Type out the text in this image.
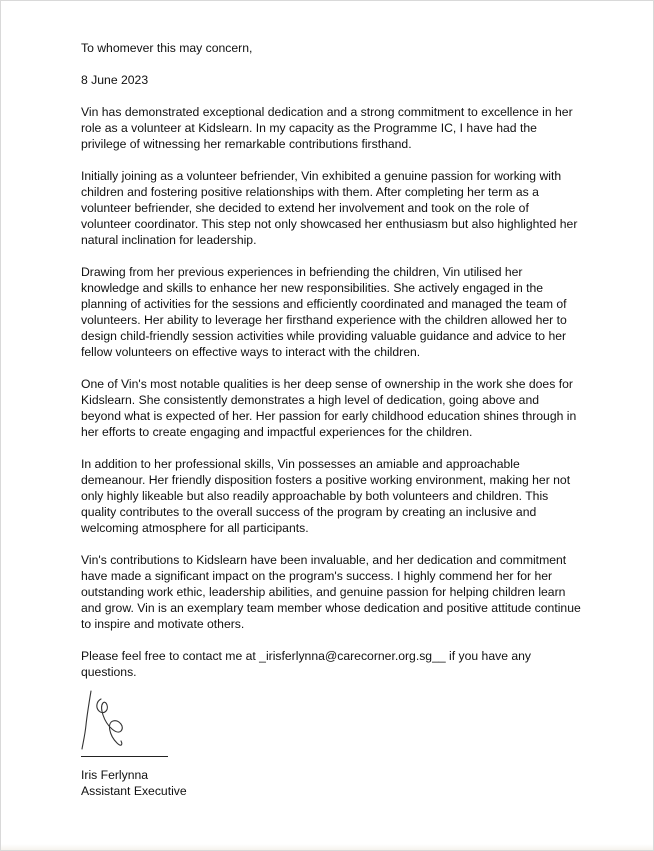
To whomever this may concern,
8 June 2023
Vin has demonstrated exceptional dedication and a strong commitment to excellence in her
role as a volunteer at Kidslearn. In my capacity as the Programme IC, I have had the
privilege of witnessing her remarkable contributions firsthand.
Initially joining as a volunteer befriender, Vin exhibited a genuine passion for working with
children and fostering positive relationships with them. After completing her term as a
volunteer befriender, she decided to extend her involvement and took on the role of
volunteer coordinator. This step not only showcased her enthusiasm but also highlighted her
natural inclination for leadership.
Drawing from her previous experiences in befriending the children, Vin utilised her
knowledge and skills to enhance her new responsibilities. She actively engaged in the
planning of activities for the sessions and efficiently coordinated and managed the team of
volunteers. Her ability to leverage her firsthand experience with the children allowed her to
design child-friendly session activities while providing valuable guidance and advice to her
fellow volunteers on effective ways to interact with the children.
One of Vin's most notable qualities is her deep sense of ownership in the work she does for
Kidslearn. She consistently demonstrates a high level of dedication, going above and
beyond what is expected of her. Her passion for early childhood education shines through in
her efforts to create engaging and impactful experiences for the children.
In addition to her professional skills, Vin possesses an amiable and approachable
demeanour. Her friendly disposition fosters a positive working environment, making her not
only highly likeable but also readily approachable by both volunteers and children. This
quality contributes to the overall success of the program by creating an inclusive and
welcoming atmosphere for all participants.
Vin's contributions to Kidslearn have been invaluable, and her dedication and commitment
have made a significant impact on the program's success. I highly commend her for her
outstanding work ethic, leadership abilities, and genuine passion for helping children learn
and grow. Vin is an exemplary team member whose dedication and positive attitude continue
to inspire and motivate others.
Please feel free to contact me at _irisferlynna@carecorner.org.sg__ if you have any
questions.
Iris Ferlynna
Assistant Executive
